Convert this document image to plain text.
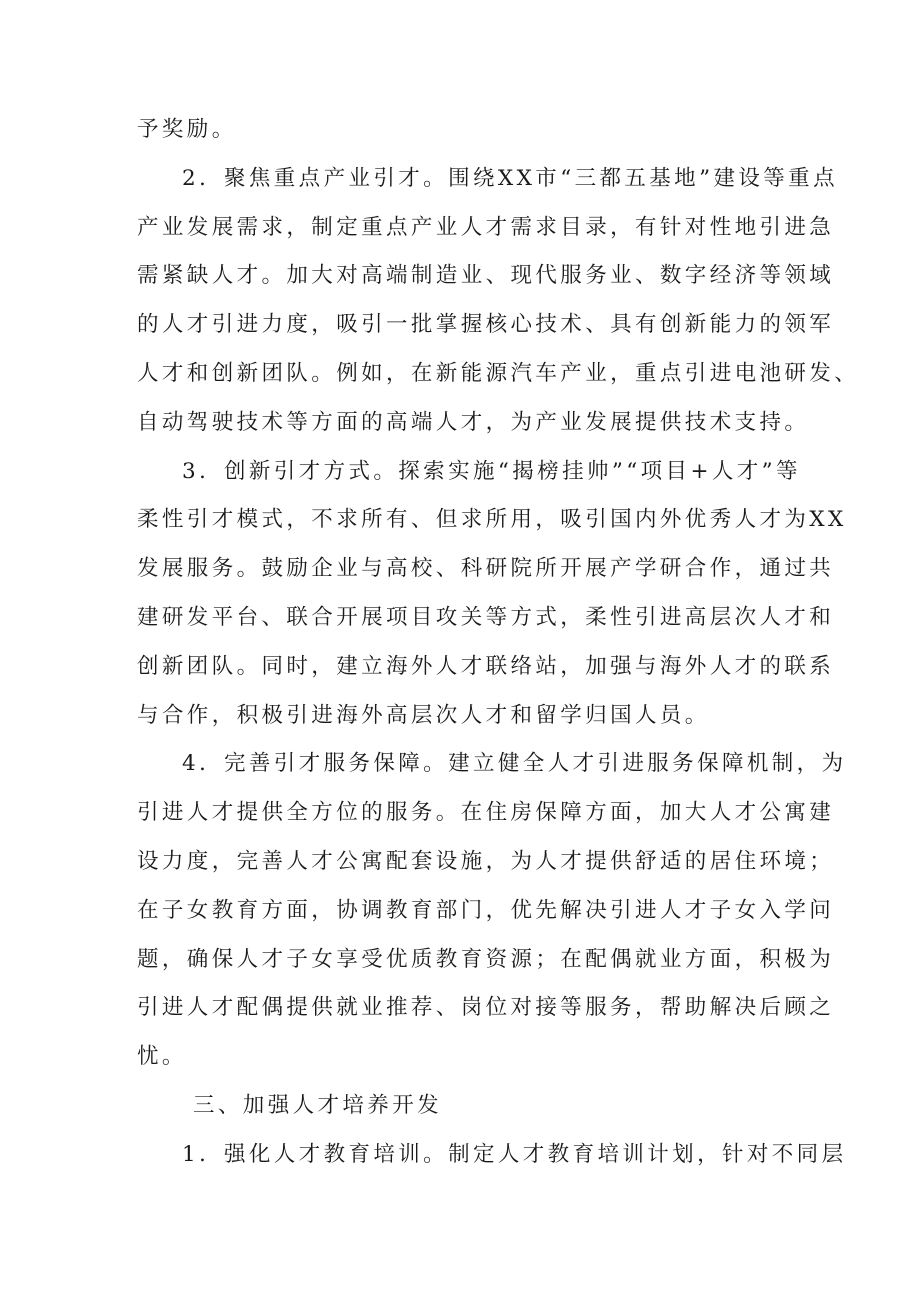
予奖励。
2．聚焦重点产业引才。围绕XX市“三都五基地”建设等重点
产业发展需求，制定重点产业人才需求目录，有针对性地引进急
需紧缺人才。加大对高端制造业、现代服务业、数字经济等领域
的人才引进力度，吸引一批掌握核心技术、具有创新能力的领军
人才和创新团队。例如，在新能源汽车产业，重点引进电池研发、
自动驾驶技术等方面的高端人才，为产业发展提供技术支持。
3．创新引才方式。探索实施“揭榜挂帅”“项目+人才”等
柔性引才模式，不求所有、但求所用，吸引国内外优秀人才为XX
发展服务。鼓励企业与高校、科研院所开展产学研合作，通过共
建研发平台、联合开展项目攻关等方式，柔性引进高层次人才和
创新团队。同时，建立海外人才联络站，加强与海外人才的联系
与合作，积极引进海外高层次人才和留学归国人员。
4．完善引才服务保障。建立健全人才引进服务保障机制，为
引进人才提供全方位的服务。在住房保障方面，加大人才公寓建
设力度，完善人才公寓配套设施，为人才提供舒适的居住环境；
在子女教育方面，协调教育部门，优先解决引进人才子女入学问
题，确保人才子女享受优质教育资源；在配偶就业方面，积极为
引进人才配偶提供就业推荐、岗位对接等服务，帮助解决后顾之
忧。
三、加强人才培养开发
1．强化人才教育培训。制定人才教育培训计划，针对不同层
